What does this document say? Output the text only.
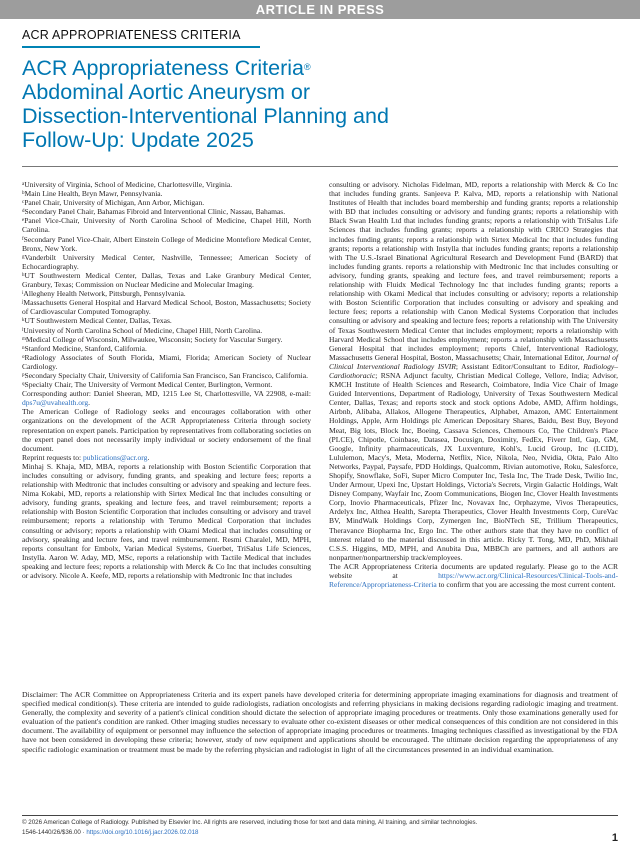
ARTICLE IN PRESS
ACR APPROPRIATENESS CRITERIA
ACR Appropriateness Criteria®
Abdominal Aortic Aneurysm or
Dissection-Interventional Planning and
Follow-Up: Update 2025

$^a$University of Virginia, School of Medicine, Charlottesville, Virginia.

$^b$Main Line Health, Bryn Mawr, Pennsylvania.

$^c$Panel Chair, University of Michigan, Ann Arbor, Michigan.

$^d$Secondary Panel Chair, Bahamas Fibroid and Interventional Clinic, Nassau, Bahamas.

$^e$Panel Vice-Chair, University of North Carolina School of Medicine, Chapel Hill, North Carolina.

$^f$Secondary Panel Vice-Chair, Albert Einstein College of Medicine Montefiore Medical Center, Bronx, New York.

$^g$Vanderbilt University Medical Center, Nashville, Tennessee; American Society of Echocardiography.

$^h$UT Southwestern Medical Center, Dallas, Texas and Lake Granbury Medical Center, Granbury, Texas; Commission on Nuclear Medicine and Molecular Imaging.

$^i$Allegheny Health Network, Pittsburgh, Pennsylvania.

$^j$Massachusetts General Hospital and Harvard Medical School, Boston, Massachusetts; Society of Cardiovascular Computed Tomography.

$^k$UT Southwestern Medical Center, Dallas, Texas.

$^l$University of North Carolina School of Medicine, Chapel Hill, North Carolina.

$^m$Medical College of Wisconsin, Milwaukee, Wisconsin; Society for Vascular Surgery.

$^n$Stanford Medicine, Stanford, California.

$^o$Radiology Associates of South Florida, Miami, Florida; American Society of Nuclear Cardiology.

$^p$Secondary Specialty Chair, University of California San Francisco, San Francisco, California.

$^q$Specialty Chair, The University of Vermont Medical Center, Burlington, Vermont.

Corresponding author: Daniel Sheeran, MD, 1215 Lee St, Charlottesville, VA 22908, e-mail: dps7u@uvahealth.org.

The American College of Radiology seeks and encourages collaboration with other organizations on the development of the ACR Appropriateness Criteria through society representation on expert panels. Participation by representatives from collaborating societies on the expert panel does not necessarily imply individual or society endorsement of the final document.

Reprint requests to: publications@acr.org.

Minhaj S. Khaja, MD, MBA, reports a relationship with Boston Scientific Corporation that includes consulting or advisory, funding grants, and speaking and lecture fees; reports a relationship with Medtronic that includes consulting or advisory and speaking and lecture fees. Nima Kokabi, MD, reports a relationship with Sirtex Medical Inc that includes consulting or advisory, funding grants, speaking and lecture fees, and travel reimbursement; reports a relationship with Boston Scientific Corporation that includes consulting or advisory and travel reimbursement; reports a relationship with Terumo Medical Corporation that includes consulting or advisory; reports a relationship with Okami Medical that includes consulting or advisory, speaking and lecture fees, and travel reimbursement. Resmi Charalel, MD, MPH, reports consultant for Embolx, Varian Medical Systems, Guerbet, TriSalus Life Sciences, Instylla. Aaron W. Aday, MD, MSc, reports a relationship with Tactile Medical that includes speaking and lecture fees; reports a relationship with Merck & Co Inc that includes consulting or advisory. Nicole A. Keefe, MD, reports a relationship with Medtronic Inc that includes

consulting or advisory. Nicholas Fidelman, MD, reports a relationship with Merck & Co Inc that includes funding grants. Sanjeeva P. Kalva, MD, reports a relationship with National Institutes of Health that includes board membership and funding grants; reports a relationship with BD that includes consulting or advisory and funding grants; reports a relationship with Black Swan Health Ltd that includes funding grants; reports a relationship with TriSalus Life Sciences that includes funding grants; reports a relationship with CRICO Strategies that includes funding grants; reports a relationship with Sirtex Medical Inc that includes funding grants; reports a relationship with Instylla that includes funding grants; reports a relationship with The U.S.-Israel Binational Agricultural Research and Development Fund (BARD) that includes funding grants. reports a relationship with Medtronic Inc that includes consulting or advisory, funding grants, speaking and lecture fees, and travel reimbursement; reports a relationship with Fluidx Medical Technology Inc that includes funding grants; reports a relationship with Okami Medical that includes consulting or advisory; reports a relationship with Boston Scientific Corporation that includes consulting or advisory and speaking and lecture fees; reports a relationship with Canon Medical Systems Corporation that includes consulting or advisory and speaking and lecture fees; reports a relationship with The University of Texas Southwestern Medical Center that includes employment; reports a relationship with Harvard Medical School that includes employment; reports a relationship with Massachusetts General Hospital that includes employment; reports Chief, Interventional Radiology, Massachusetts General Hospital, Boston, Massachusetts; Chair, International Editor, Journal of Clinical Interventional Radiology ISVIR; Assistant Editor/Consultant to Editor, Radiology–Cardiothoracic; RSNA Adjunct faculty, Christian Medical College, Vellore, India; Advisor, KMCH Institute of Health Sciences and Research, Coimbatore, India Vice Chair of Image Guided Interventions, Department of Radiology, University of Texas Southwestern Medical Center, Dallas, Texas; and reports stock and stock options Adobe, AMD, Affirm holdings, Airbnb, Alibaba, Allakos, Allogene Therapeutics, Alphabet, Amazon, AMC Entertainment Holdings, Apple, Arm Holdings plc American Depositary Shares, Baidu, Best Buy, Beyond Meat, Big lots, Block Inc, Boeing, Cassava Sciences, Chemours Co, The Children's Place (PLCE), Chipotle, Coinbase, Datasea, Docusign, Doximity, FedEx, Fiverr Intl, Gap, GM, Google, Infinity pharmaceuticals, JX Luxventure, Kohl's, Lucid Group, Inc (LCID), Lululemon, Macy's, Meta, Moderna, Netflix, Nice, Nikola, Neo, Nvidia, Okta, Palo Alto Networks, Paypal, Paysafe, PDD Holdings, Qualcomm, Rivian automotive, Roku, Salesforce, Shopify, Snowflake, SoFi, Super Micro Computer Inc, Tesla Inc, The Trade Desk, Twilio Inc, Under Armour, Upexi Inc, Upstart Holdings, Victoria's Secrets, Virgin Galactic Holdings, Walt Disney Company, Wayfair Inc, Zoom Communications, Biogen Inc, Clover Health Investments Corp, Inovio Pharmaceuticals, Pfizer Inc, Novavax Inc, Orphazyme, Vivos Therapeutics, Ardelyx Inc, Althea Health, Sarepta Therapeutics, Clover Health Investments Corp, CureVac BV, MindWalk Holdings Corp, Zymergen Inc, BioNTech SE, Trillium Therapeutics, Theravance Biopharma Inc, Ergo Inc. The other authors state that they have no conflict of interest related to the material discussed in this article. Ricky T. Tong, MD, PhD, Mikhail C.S.S. Higgins, MD, MPH, and Anubita Dua, MBBCh are partners, and all authors are nonpartner/nonpartnership track/employees.

The ACR Appropriateness Criteria documents are updated regularly. Please go to the ACR website at https://www.acr.org/Clinical-Resources/Clinical-Tools-and-Reference/Appropriateness-Criteria to confirm that you are accessing the most current content.

Disclaimer: The ACR Committee on Appropriateness Criteria and its expert panels have developed criteria for determining appropriate imaging examinations for diagnosis and treatment of specified medical condition(s). These criteria are intended to guide radiologists, radiation oncologists and referring physicians in making decisions regarding radiologic imaging and treatment. Generally, the complexity and severity of a patient's clinical condition should dictate the selection of appropriate imaging procedures or treatments. Only those examinations generally used for evaluation of the patient's condition are ranked. Other imaging studies necessary to evaluate other co-existent diseases or other medical consequences of this condition are not considered in this document. The availability of equipment or personnel may influence the selection of appropriate imaging procedures or treatments. Imaging techniques classified as investigational by the FDA have not been considered in developing these criteria; however, study of new equipment and applications should be encouraged. The ultimate decision regarding the appropriateness of any specific radiologic examination or treatment must be made by the referring physician and radiologist in light of all the circumstances presented in an individual examination.
© 2026 American College of Radiology. Published by Elsevier Inc. All rights are reserved, including those for text and data mining, AI training, and similar technologies.
1546-1440/26/$36.00 · https://doi.org/10.1016/j.jacr.2026.02.018	1
